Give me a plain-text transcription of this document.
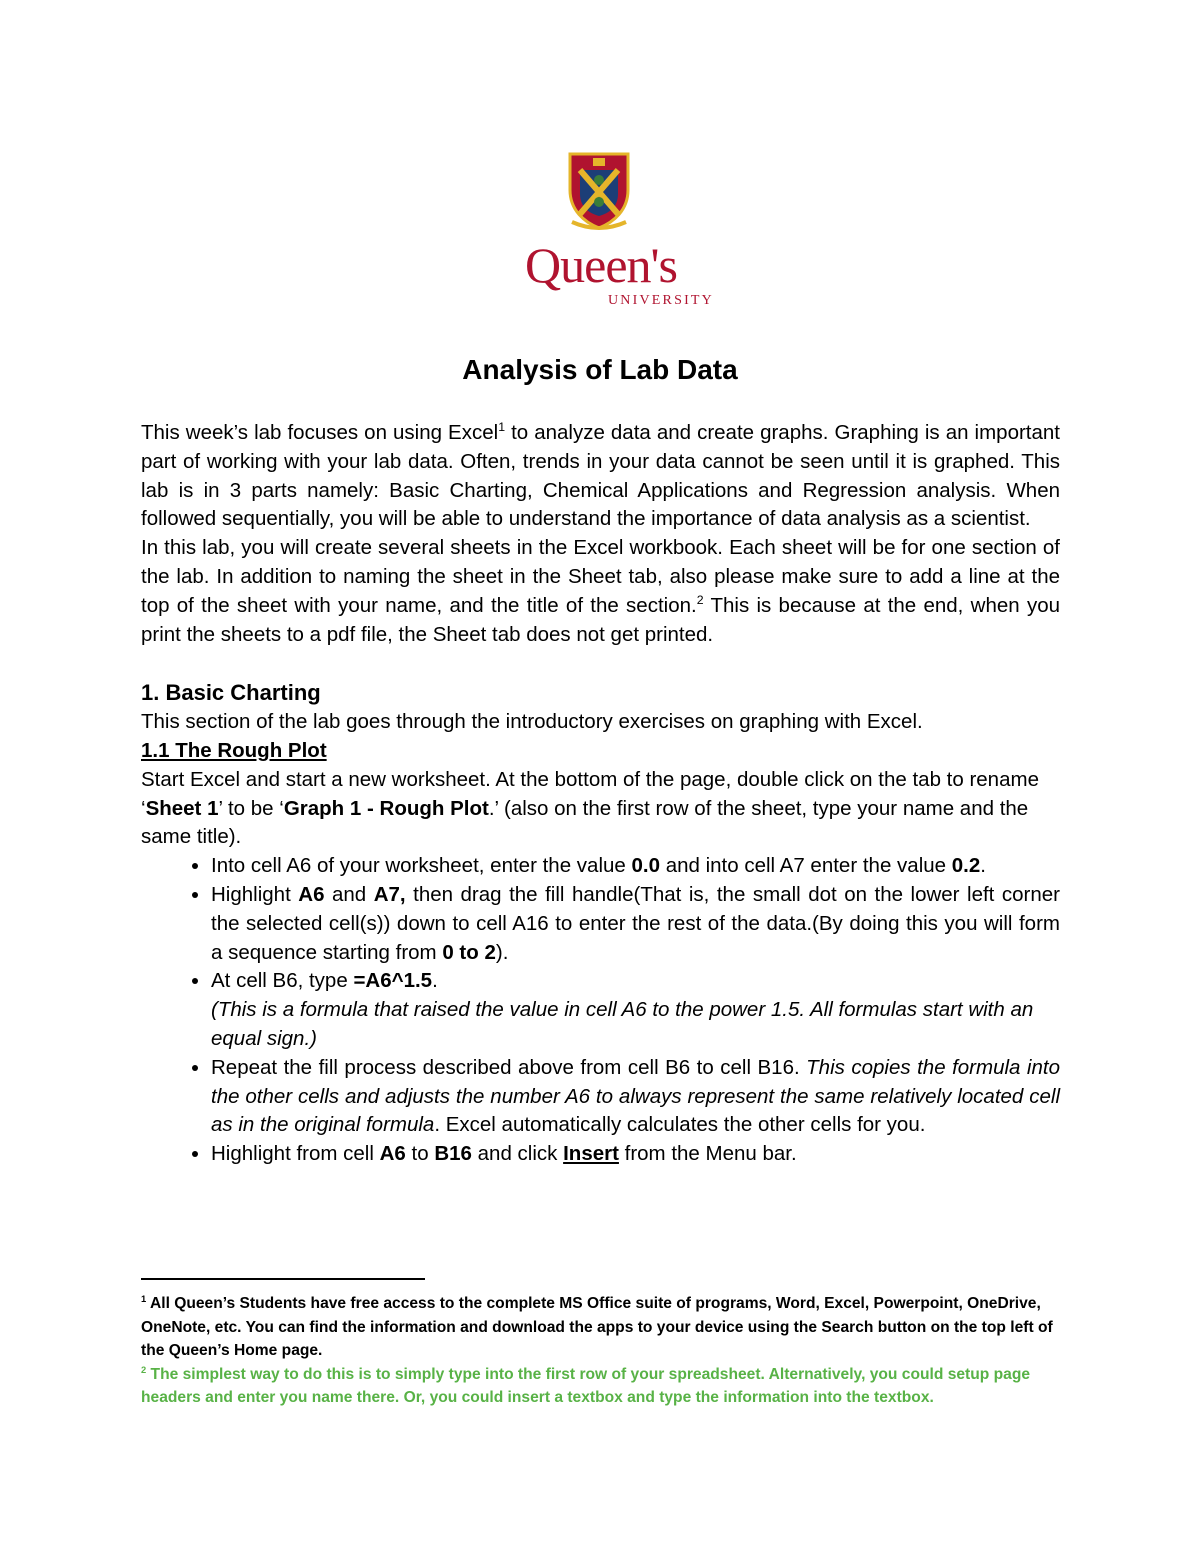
Queen's
UNIVERSITY
Analysis of Lab Data

This week’s lab focuses on using Excel$^1$ to analyze data and create graphs. Graphing is an important part of working with your lab data. Often, trends in your data cannot be seen until it is graphed. This lab is in 3 parts namely: Basic Charting, Chemical Applications and Regression analysis. When followed sequentially, you will be able to understand the importance of data analysis as a scientist.

In this lab, you will create several sheets in the Excel workbook. Each sheet will be for one section of the lab. In addition to naming the sheet in the Sheet tab, also please make sure to add a line at the top of the sheet with your name, and the title of the section.$^2$ This is because at the end, when you print the sheets to a pdf file, the Sheet tab does not get printed.

1. Basic Charting

This section of the lab goes through the introductory exercises on graphing with Excel.

1.1 The Rough Plot

Start Excel and start a new worksheet. At the bottom of the page, double click on the tab to rename ‘Sheet 1’ to be ‘Graph 1 - Rough Plot.’ (also on the first row of the sheet, type your name and the same title).

• Into cell A6 of your worksheet, enter the value 0.0 and into cell A7 enter the value 0.2.
• Highlight A6 and A7, then drag the fill handle(That is, the small dot on the lower left corner the selected cell(s)) down to cell A16 to enter the rest of the data.(By doing this you will form a sequence starting from 0 to 2).
• At cell B6, type =A6^1.5.
(This is a formula that raised the value in cell A6 to the power 1.5. All formulas start with an equal sign.)
• Repeat the fill process described above from cell B6 to cell B16. This copies the formula into the other cells and adjusts the number A6 to always represent the same relatively located cell as in the original formula. Excel automatically calculates the other cells for you.
• Highlight from cell A6 to B16 and click Insert from the Menu bar.

$^1$ All Queen’s Students have free access to the complete MS Office suite of programs, Word, Excel, Powerpoint, OneDrive, OneNote, etc. You can find the information and download the apps to your device using the Search button on the top left of the Queen’s Home page.

$^2$ The simplest way to do this is to simply type into the first row of your spreadsheet. Alternatively, you could setup page headers and enter you name there. Or, you could insert a textbox and type the information into the textbox.
